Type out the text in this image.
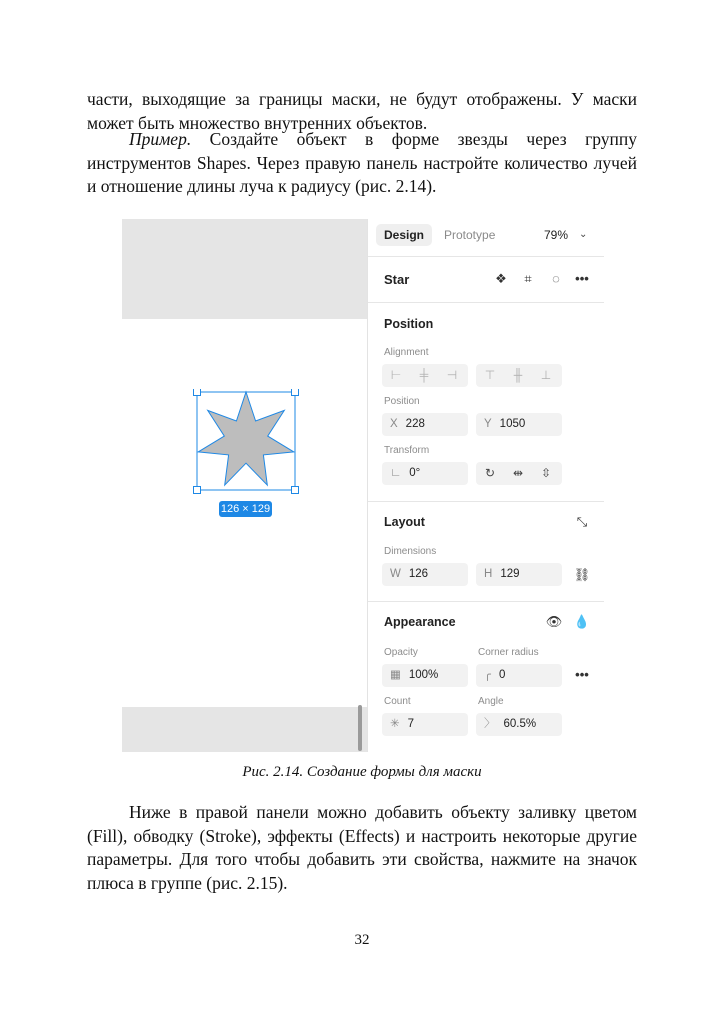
части, выходящие за границы маски, не будут отображены. У маски может быть множество внутренних объектов.
Пример. Создайте объект в форме звезды через группу инструментов Shapes. Через правую панель настройте количество лучей и отношение длины луча к радиусу (рис. 2.14).
126 × 129
Design	Prototype	79% ⌄
Star	❖	⌗	◌	•••
Position
Alignment
⊢ ╪ ⊣	⊤ ╫ ⊥
Position
X 228	Y 1050
Transform
∟ 0°	↻ ⇹ ⇳
Layout	⤡
Dimensions
W 126	H 129	⛓
Appearance	👁 💧
Opacity	Corner radius
▦ 100%	╭ 0	•••
Count	Angle
✳ 7	〉 60.5%
Рис. 2.14. Создание формы для маски
Ниже в правой панели можно добавить объекту заливку цветом (Fill), обводку (Stroke), эффекты (Effects) и настроить некоторые другие параметры. Для того чтобы добавить эти свойства, нажмите на значок плюса в группе (рис. 2.15).
32
